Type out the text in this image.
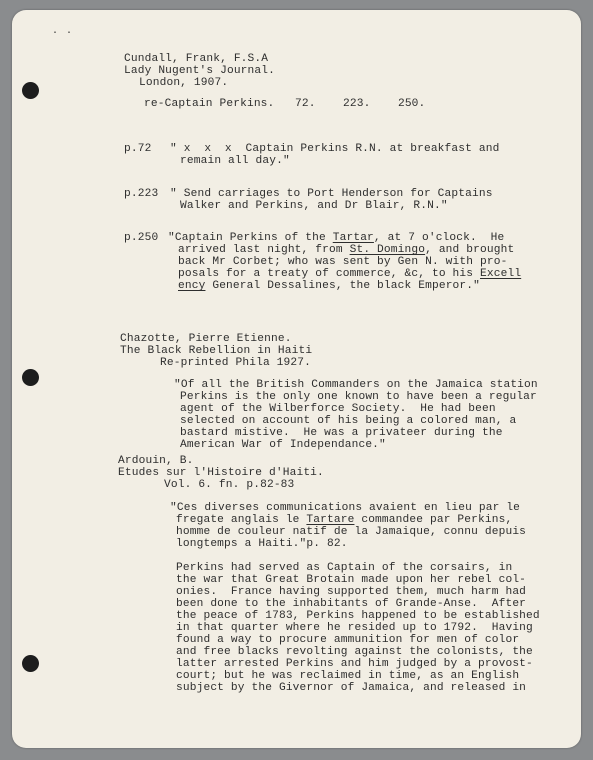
··
Cundall, Frank, F.S.A
Lady Nugent's Journal.
London, 1907.
re-Captain Perkins.   72.    223.    250.
p.72 " x  x  x  Captain Perkins R.N. at breakfast and
remain all day."
p.223 " Send carriages to Port Henderson for Captains
Walker and Perkins, and Dr Blair, R.N."
p.250 "Captain Perkins of the Tartar, at 7 o'clock.  He
arrived last night, from St. Domingo, and brought
back Mr Corbet; who was sent by Gen N. with pro-
posals for a treaty of commerce, &c, to his Excell
ency General Dessalines, the black Emperor."
Chazotte, Pierre Etienne.
The Black Rebellion in Haiti
Re-printed Phila 1927.
"Of all the British Commanders on the Jamaica station
Perkins is the only one known to have been a regular
agent of the Wilberforce Society.  He had been
selected on account of his being a colored man, a
bastard mistive.  He was a privateer during the
American War of Independance."
Ardouin, B.
Etudes sur l'Histoire d'Haiti.
Vol. 6. fn. p.82-83
"Ces diverses communications avaient en lieu par le
fregate anglais le Tartare commandee par Perkins,
homme de couleur natif de la Jamaique, connu depuis
longtemps a Haiti."p. 82.
Perkins had served as Captain of the corsairs, in
the war that Great Brotain made upon her rebel col-
onies.  France having supported them, much harm had
been done to the inhabitants of Grande-Anse.  After
the peace of 1783, Perkins happened to be established
in that quarter where he resided up to 1792.  Having
found a way to procure ammunition for men of color
and free blacks revolting against the colonists, the
latter arrested Perkins and him judged by a provost-
court; but he was reclaimed in time, as an English
subject by the Givernor of Jamaica, and released in
